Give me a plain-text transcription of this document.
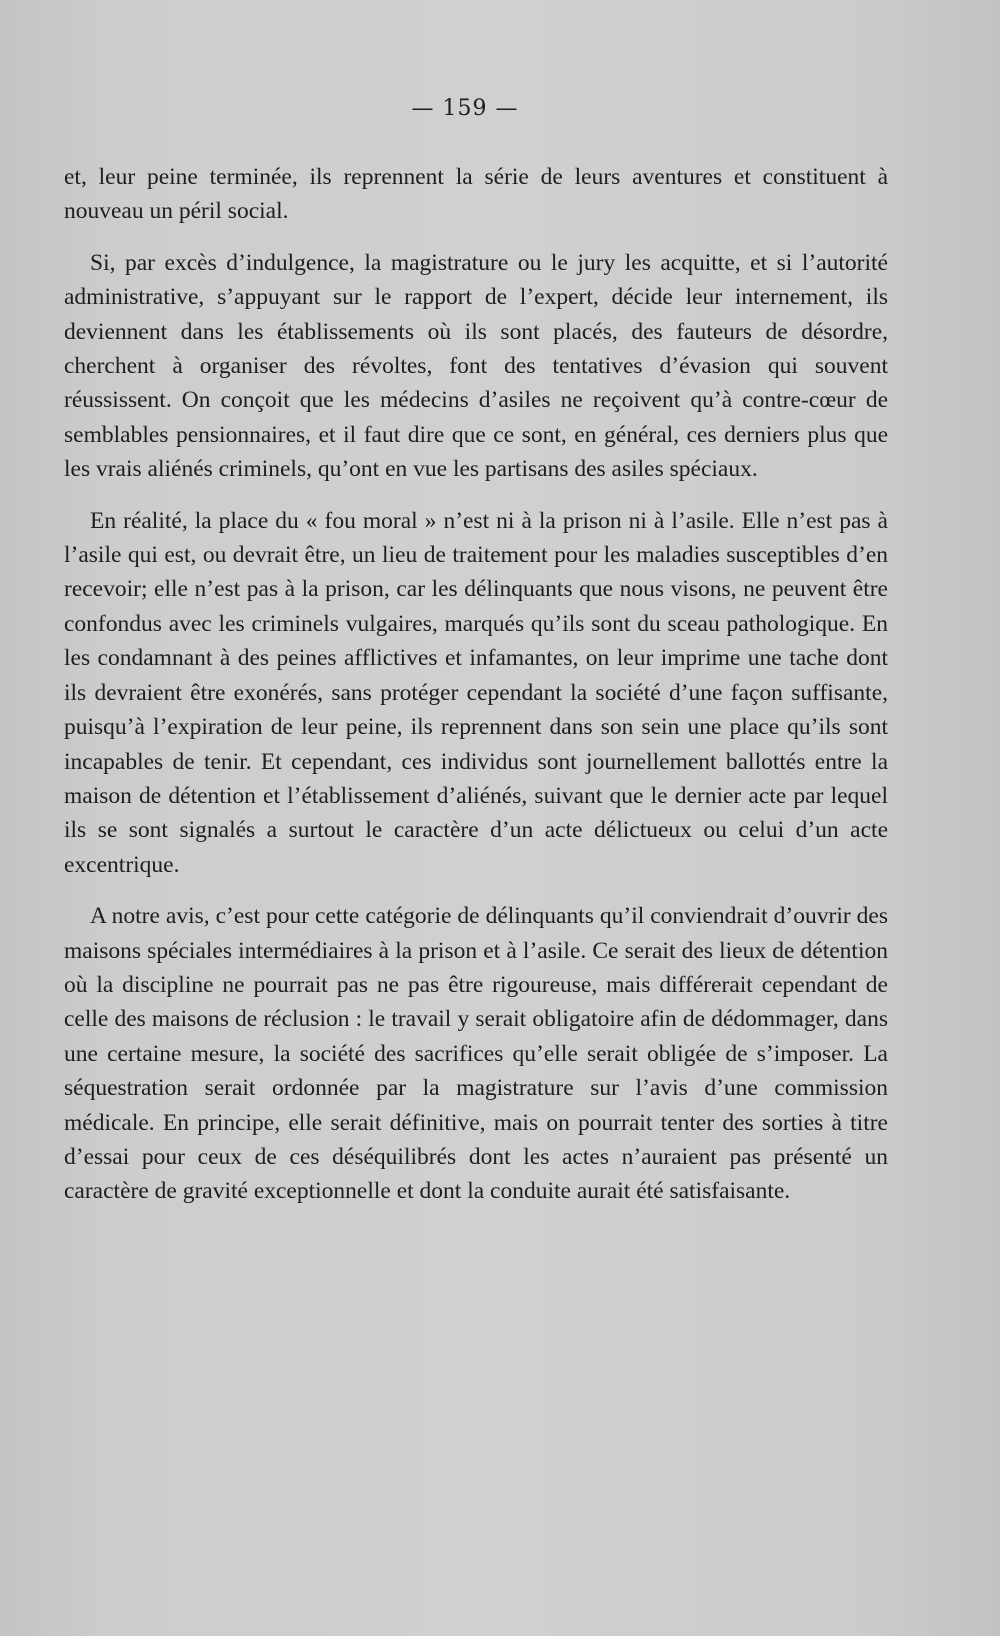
— 159 —

et, leur peine terminée, ils reprennent la série de leurs aventures et constituent à nouveau un péril social.

Si, par excès d’indulgence, la magistrature ou le jury les acquitte, et si l’autorité administrative, s’appuyant sur le rapport de l’expert, décide leur internement, ils deviennent dans les établissements où ils sont placés, des fauteurs de désordre, cherchent à organiser des révoltes, font des tentatives d’évasion qui souvent réussissent. On conçoit que les médecins d’asiles ne reçoivent qu’à contre-cœur de semblables pensionnaires, et il faut dire que ce sont, en général, ces derniers plus que les vrais aliénés criminels, qu’ont en vue les partisans des asiles spéciaux.

En réalité, la place du « fou moral » n’est ni à la prison ni à l’asile. Elle n’est pas à l’asile qui est, ou devrait être, un lieu de traitement pour les maladies susceptibles d’en recevoir; elle n’est pas à la prison, car les délinquants que nous visons, ne peuvent être confondus avec les criminels vulgaires, marqués qu’ils sont du sceau pathologique. En les condamnant à des peines afflictives et infamantes, on leur imprime une tache dont ils devraient être exonérés, sans protéger cependant la société d’une façon suffisante, puisqu’à l’expiration de leur peine, ils reprennent dans son sein une place qu’ils sont incapables de tenir. Et cependant, ces individus sont journellement ballottés entre la maison de détention et l’établissement d’aliénés, suivant que le dernier acte par lequel ils se sont signalés a surtout le caractère d’un acte délictueux ou celui d’un acte excentrique.

A notre avis, c’est pour cette catégorie de délinquants qu’il conviendrait d’ouvrir des maisons spéciales intermédiaires à la prison et à l’asile. Ce serait des lieux de détention où la discipline ne pourrait pas ne pas être rigoureuse, mais différerait cependant de celle des maisons de réclusion : le travail y serait obligatoire afin de dédommager, dans une certaine mesure, la société des sacrifices qu’elle serait obligée de s’imposer. La séquestration serait ordonnée par la magistrature sur l’avis d’une commission médicale. En principe, elle serait définitive, mais on pourrait tenter des sorties à titre d’essai pour ceux de ces déséquilibrés dont les actes n’auraient pas présenté un caractère de gravité exceptionnelle et dont la conduite aurait été satisfaisante.
